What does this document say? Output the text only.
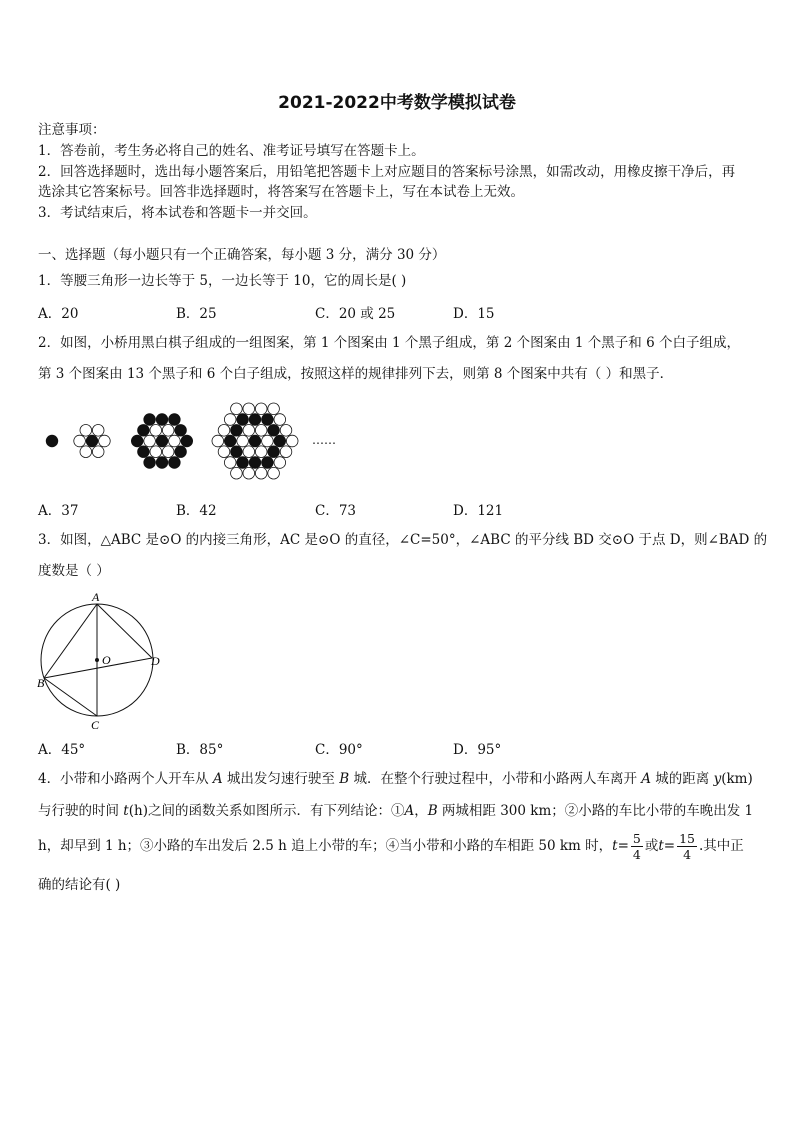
2021-2022中考数学模拟试卷
注意事项：
1．答卷前，考生务必将自己的姓名、准考证号填写在答题卡上。
2．回答选择题时，选出每小题答案后，用铅笔把答题卡上对应题目的答案标号涂黑，如需改动，用橡皮擦干净后，再
选涂其它答案标号。回答非选择题时，将答案写在答题卡上，写在本试卷上无效。
3．考试结束后，将本试卷和答题卡一并交回。
一、选择题（每小题只有一个正确答案，每小题 3 分，满分 30 分）
1．等腰三角形一边长等于 5，一边长等于 10，它的周长是( )
A．20	B．25	C．20 或 25	D．15
2．如图，小桥用黑白棋子组成的一组图案，第 1 个图案由 1 个黑子组成，第 2 个图案由 1 个黑子和 6 个白子组成，
第 3 个图案由 13 个黑子和 6 个白子组成，按照这样的规律排列下去，则第 8 个图案中共有（ ）和黑子．
……
A．37	B．42	C．73	D．121
3．如图，△ABC 是⊙O 的内接三角形，AC 是⊙O 的直径，∠C=50°，∠ABC 的平分线 BD 交⊙O 于点 D，则∠BAD 的
度数是（ ）
A
O	D
B
C
A．45°	B．85°	C．90°	D．95°
4．小带和小路两个人开车从 A 城出发匀速行驶至 B 城．在整个行驶过程中，小带和小路两人车离开 A 城的距离 y(km)
与行驶的时间 t(h)之间的函数关系如图所示．有下列结论：①A，B 两城相距 300 km；②小路的车比小带的车晚出发 1
h，却早到 1 h；③小路的车出发后 2.5 h 追上小带的车；④当小带和小路的车相距 50 km 时，$t= \frac{5}{4}$ 或$t= \frac{15}{4}$ .其中正
确的结论有( )
